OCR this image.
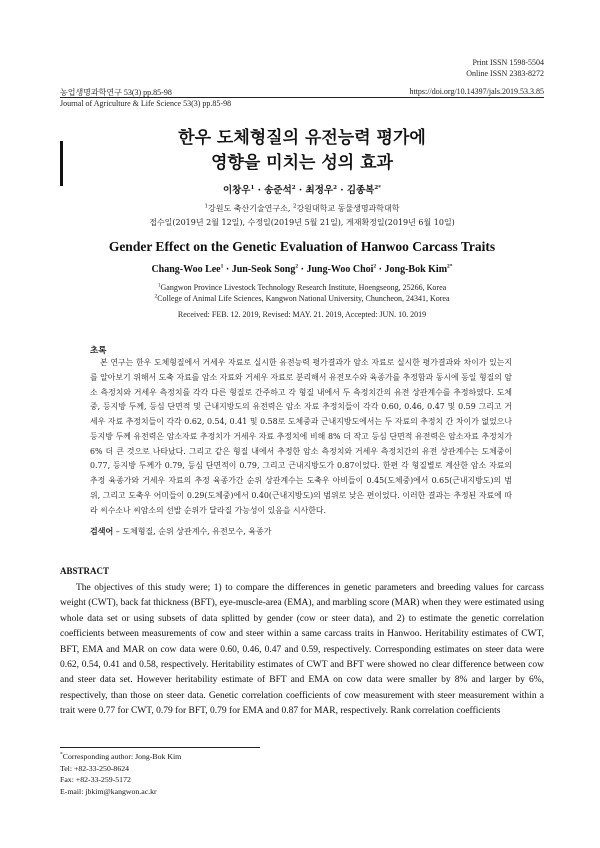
Print ISSN 1598-5504
Online ISSN 2383-8272
농업생명과학연구 53(3) pp.85-98	https://doi.org/10.14397/jals.2019.53.3.85
Journal of Agriculture & Life Science 53(3) pp.85-98
한우 도체형질의 유전능력 평가에
영향을 미치는 성의 효과
이창우$^1$ · 송준석$^2$ · 최정우$^2$ · 김종복$^{2*}$
$^1$강원도 축산기술연구소, $^2$강원대학교 동물생명과학대학
접수일(2019년 2월 12일), 수정일(2019년 5월 21일), 게재확정일(2019년 6월 10일)
Gender Effect on the Genetic Evaluation of Hanwoo Carcass Traits
Chang-Woo Lee$^1$ · Jun-Seok Song$^2$ · Jung-Woo Choi$^2$ · Jong-Bok Kim$^{2*}$
$^1$Gangwon Province Livestock Technology Research Institute, Hoengseong, 25266, Korea
$^2$College of Animal Life Sciences, Kangwon National University, Chuncheon, 24341, Korea
Received: FEB. 12. 2019, Revised: MAY. 21. 2019, Accepted: JUN. 10. 2019
초록

본 연구는 한우 도체형질에서 거세우 자료로 실시한 유전능력 평가결과가 암소 자료로 실시한 평가결과와 차이가 있는지를 알아보기 위해서 도축 자료를 암소 자료와 거세우 자료로 분리해서 유전모수와 육종가를 추정함과 동시에 동일 형질의 암소 측정치와 거세우 측정치를 각각 다른 형질로 간주하고 각 형질 내에서 두 측정치간의 유전 상관계수를 추정하였다. 도체중, 등지방 두께, 등심 단면적 및 근내지방도의 유전력은 암소 자료 추정치들이 각각 0.60, 0.46, 0.47 및 0.59 그리고 거세우 자료 추정치들이 각각 0.62, 0.54, 0.41 및 0.58로 도체중과 근내지방도에서는 두 자료의 추정치 간 차이가 없었으나 등지방 두께 유전력은 암소자료 추정치가 거세우 자료 추정치에 비해 8% 더 작고 등심 단면적 유전력은 암소자료 추정치가 6% 더 큰 것으로 나타났다. 그리고 같은 형질 내에서 추정한 암소 측정치와 거세우 측정치간의 유전 상관계수는 도체중이 0.77, 등지방 두께가 0.79, 등심 단면적이 0.79, 그리고 근내지방도가 0.87이었다. 한편 각 형질별로 계산한 암소 자료의 추정 육종가와 거세우 자료의 추정 육종가간 순위 상관계수는 도축우 아비들이 0.45(도체중)에서 0.65(근내지방도)의 범위, 그리고 도축우 어미들이 0.29(도체중)에서 0.40(근내지방도)의 범위로 낮은 편이었다. 이러한 결과는 추정된 자료에 따라 씨수소나 씨암소의 선발 순위가 달라질 가능성이 있음을 시사한다.

검색어 – 도체형질, 순위 상관계수, 유전모수, 육종가
ABSTRACT

The objectives of this study were; 1) to compare the differences in genetic parameters and breeding values for carcass weight (CWT), back fat thickness (BFT), eye-muscle-area (EMA), and marbling score (MAR) when they were estimated using whole data set or using subsets of data splitted by gender (cow or steer data), and 2) to estimate the genetic correlation coefficients between measurements of cow and steer within a same carcass traits in Hanwoo. Heritability estimates of CWT, BFT, EMA and MAR on cow data were 0.60, 0.46, 0.47 and 0.59, respectively. Corresponding estimates on steer data were 0.62, 0.54, 0.41 and 0.58, respectively. Heritability estimates of CWT and BFT were showed no clear difference between cow and steer data set. However heritability estimate of BFT and EMA on cow data were smaller by 8% and larger by 6%, respectively, than those on steer data. Genetic correlation coefficients of cow measurement with steer measurement within a trait were 0.77 for CWT, 0.79 for BFT, 0.79 for EMA and 0.87 for MAR, respectively. Rank correlation coefficients

*Corresponding author: Jong-Bok Kim
Tel: +82-33-250-8624
Fax: +82-33-259-5172
E-mail: jbkim@kangwon.ac.kr
